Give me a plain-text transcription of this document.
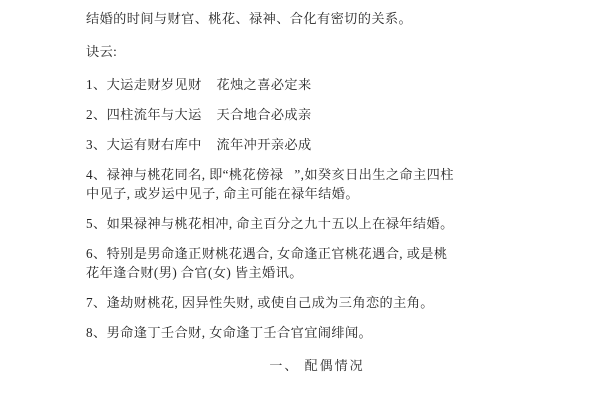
结婚的时间与财官、桃花、禄神、合化有密切的关系。

诀云:

1、大运走财岁见财    花烛之喜必定来

2、四柱流年与大运    天合地合必成亲

3、大运有财右库中    流年冲开亲必成

4、禄神与桃花同名, 即“桃花傍禄   ”,如癸亥日出生之命主四柱

中见子, 或岁运中见子, 命主可能在禄年结婚。

5、如果禄神与桃花相冲, 命主百分之九十五以上在禄年结婚。

6、特别是男命逢正财桃花遇合, 女命逢正官桃花遇合, 或是桃

花年逢合财(男) 合官(女) 皆主婚讯。

7、逢劫财桃花, 因异性失财, 或使自己成为三角恋的主角。

8、男命逢丁壬合财, 女命逢丁壬合官宜闹绯闻。

一、 配偶情况
